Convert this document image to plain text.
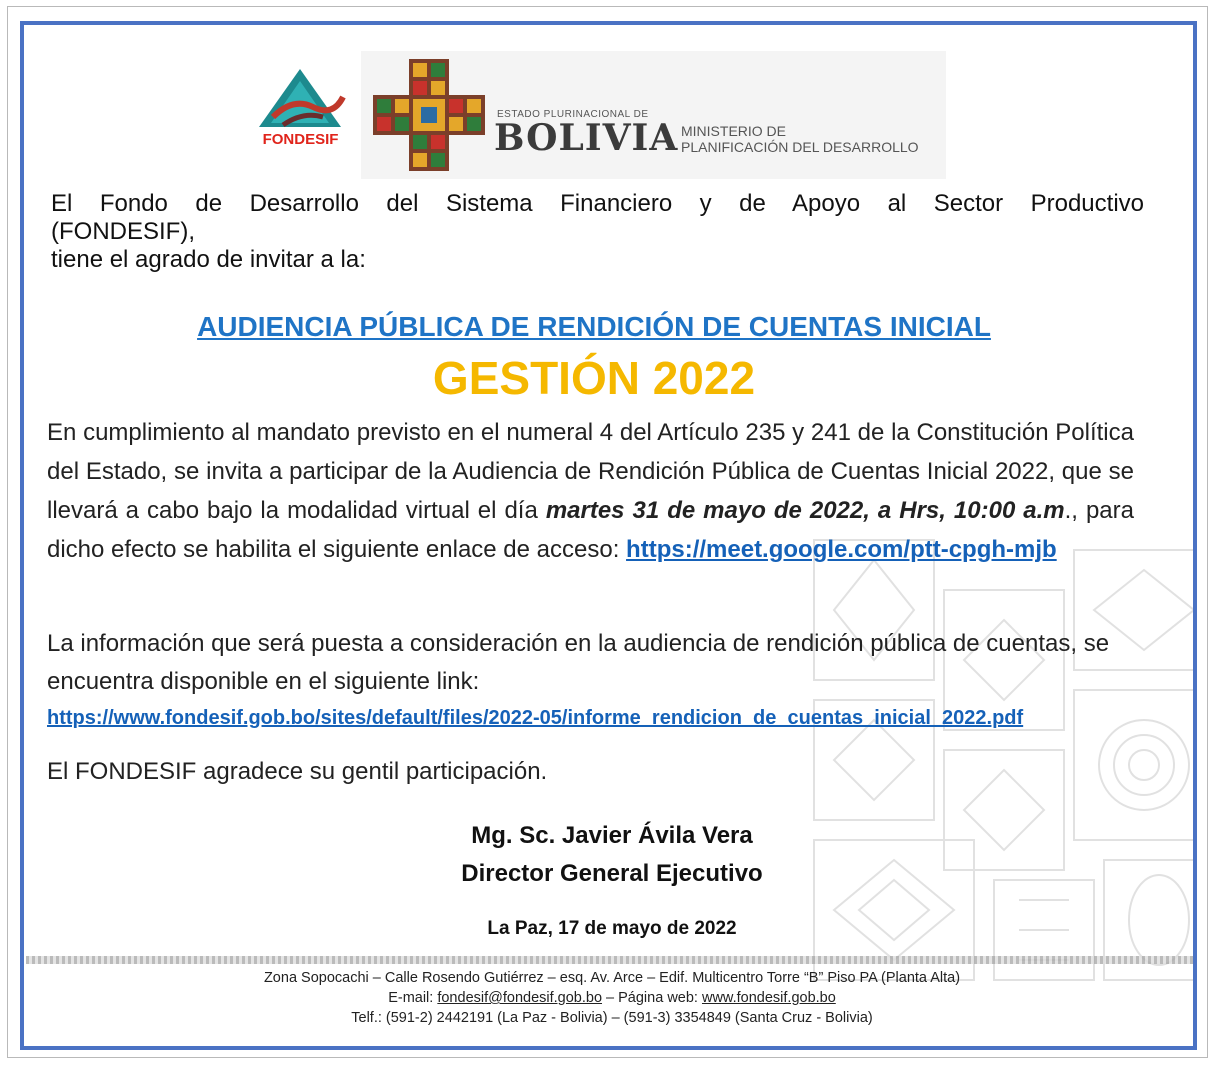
FONDESIF
ESTADO PLURINACIONAL DE
BOLIVIA MINISTERIO DE
PLANIFICACIÓN DEL DESARROLLO
El Fondo de Desarrollo del Sistema Financiero y de Apoyo al Sector Productivo
(FONDESIF),
tiene el agrado de invitar a la:
AUDIENCIA PÚBLICA DE RENDICIÓN DE CUENTAS INICIAL
GESTIÓN 2022
En cumplimiento al mandato previsto en el numeral 4 del Artículo 235 y 241 de la Constitución Política del Estado, se invita a participar de la Audiencia de Rendición Pública de Cuentas Inicial 2022, que se llevará a cabo bajo la modalidad virtual el día martes 31 de mayo de 2022, a Hrs, 10:00 a.m., para dicho efecto se habilita el siguiente enlace de acceso: https://meet.google.com/ptt-cpgh-mjb
La información que será puesta a consideración en la audiencia de rendición pública de cuentas, se encuentra disponible en el siguiente link:
https://www.fondesif.gob.bo/sites/default/files/2022-05/informe_rendicion_de_cuentas_inicial_2022.pdf
El FONDESIF agradece su gentil participación.
Mg. Sc. Javier Ávila Vera
Director General Ejecutivo
La Paz, 17 de mayo de 2022
Zona Sopocachi – Calle Rosendo Gutiérrez – esq. Av. Arce – Edif. Multicentro Torre “B” Piso PA (Planta Alta)
E-mail: fondesif@fondesif.gob.bo – Página web: www.fondesif.gob.bo
Telf.: (591-2) 2442191 (La Paz - Bolivia) – (591-3) 3354849 (Santa Cruz - Bolivia)
